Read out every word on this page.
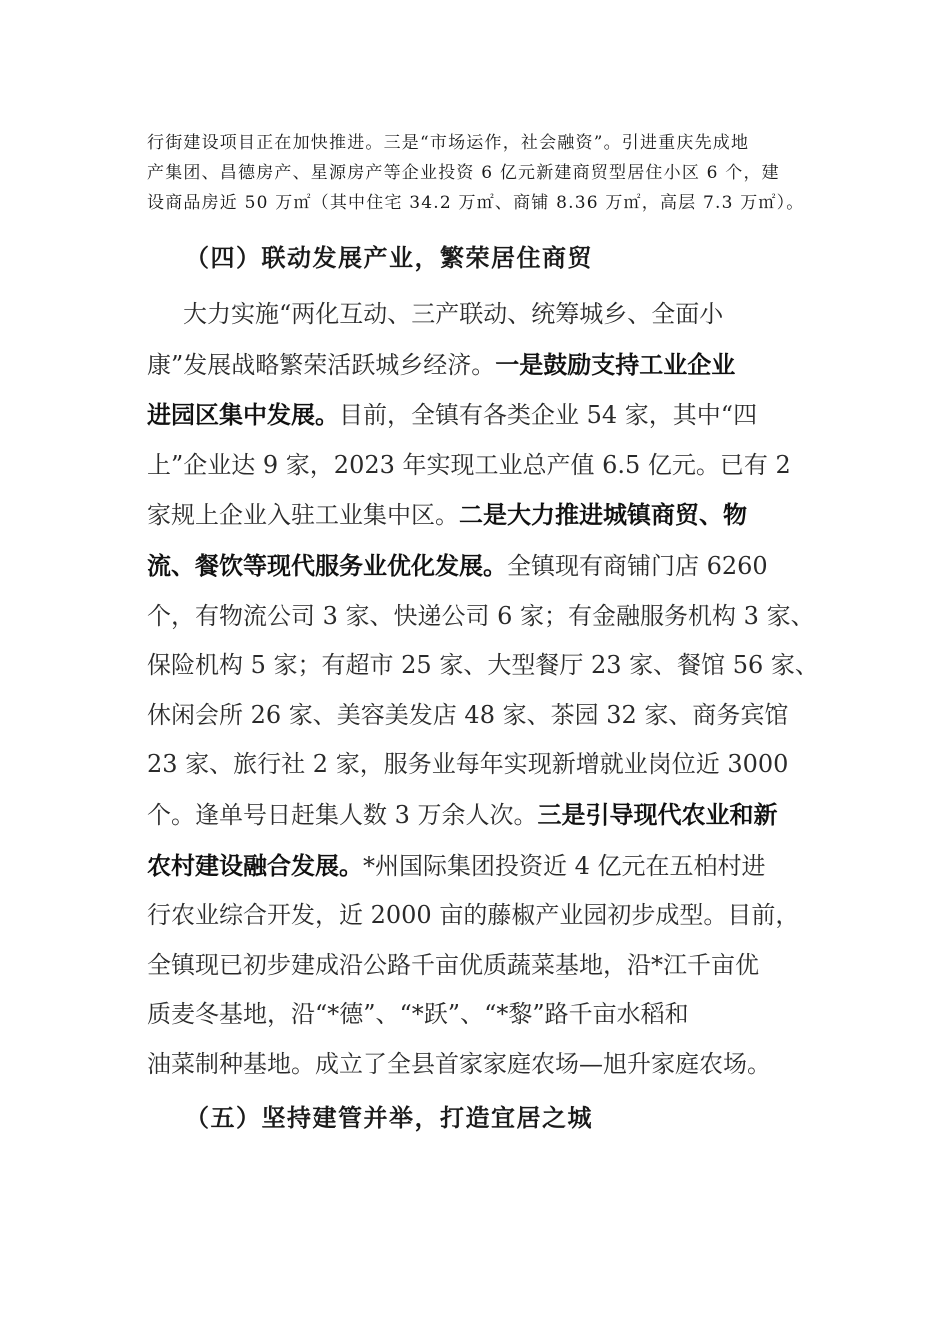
行街建设项目正在加快推进。三是“市场运作，社会融资”。引进重庆先成地
产集团、昌德房产、星源房产等企业投资 6 亿元新建商贸型居住小区 6 个，建
设商品房近 50 万㎡（其中住宅 34.2 万㎡、商铺 8.36 万㎡，高层 7.3 万㎡）。
（四）联动发展产业，繁荣居住商贸
大力实施“两化互动、三产联动、统筹城乡、全面小
康”发展战略繁荣活跃城乡经济。一是鼓励支持工业企业
进园区集中发展。目前，全镇有各类企业 54 家，其中“四
上”企业达 9 家，2023 年实现工业总产值 6.5 亿元。已有 2
家规上企业入驻工业集中区。二是大力推进城镇商贸、物
流、餐饮等现代服务业优化发展。全镇现有商铺门店 6260
个，有物流公司 3 家、快递公司 6 家；有金融服务机构 3 家、
保险机构 5 家；有超市 25 家、大型餐厅 23 家、餐馆 56 家、
休闲会所 26 家、美容美发店 48 家、茶园 32 家、商务宾馆
23 家、旅行社 2 家，服务业每年实现新增就业岗位近 3000
个。逢单号日赶集人数 3 万余人次。三是引导现代农业和新
农村建设融合发展。*州国际集团投资近 4 亿元在五柏村进
行农业综合开发，近 2000 亩的藤椒产业园初步成型。目前，
全镇现已初步建成沿公路千亩优质蔬菜基地，沿*江千亩优
质麦冬基地，沿“*德”、“*跃”、“*黎”路千亩水稻和
油菜制种基地。成立了全县首家家庭农场—旭升家庭农场。
（五）坚持建管并举，打造宜居之城
